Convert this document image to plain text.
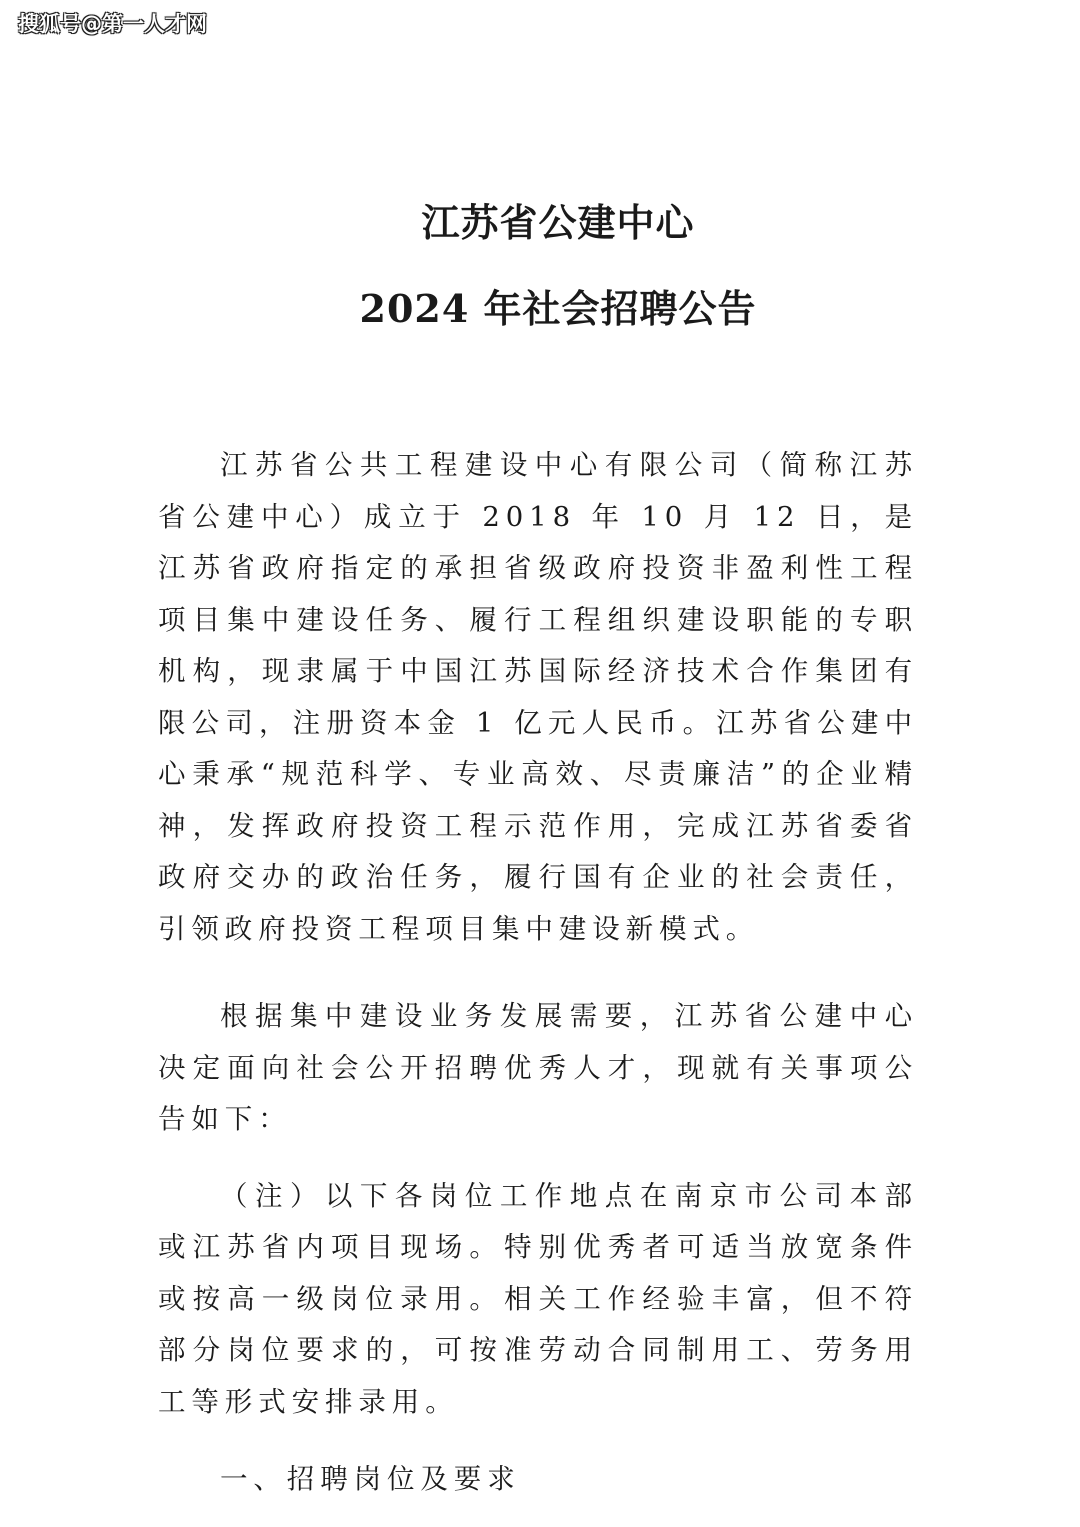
搜狐号@第一人才网
江苏省公建中心
2024 年社会招聘公告

江苏省公共工程建设中心有限公司（简称江苏省公建中心）成立于 2018 年 10 月 12 日，是江苏省政府指定的承担省级政府投资非盈利性工程项目集中建设任务、履行工程组织建设职能的专职机构，现隶属于中国江苏国际经济技术合作集团有限公司，注册资本金 1 亿元人民币。江苏省公建中心秉承“规范科学、专业高效、尽责廉洁”的企业精神，发挥政府投资工程示范作用，完成江苏省委省政府交办的政治任务，履行国有企业的社会责任，引领政府投资工程项目集中建设新模式。

根据集中建设业务发展需要，江苏省公建中心决定面向社会公开招聘优秀人才，现就有关事项公告如下：

（注）以下各岗位工作地点在南京市公司本部或江苏省内项目现场。特别优秀者可适当放宽条件或按高一级岗位录用。相关工作经验丰富，但不符部分岗位要求的，可按准劳动合同制用工、劳务用工等形式安排录用。

一、招聘岗位及要求
